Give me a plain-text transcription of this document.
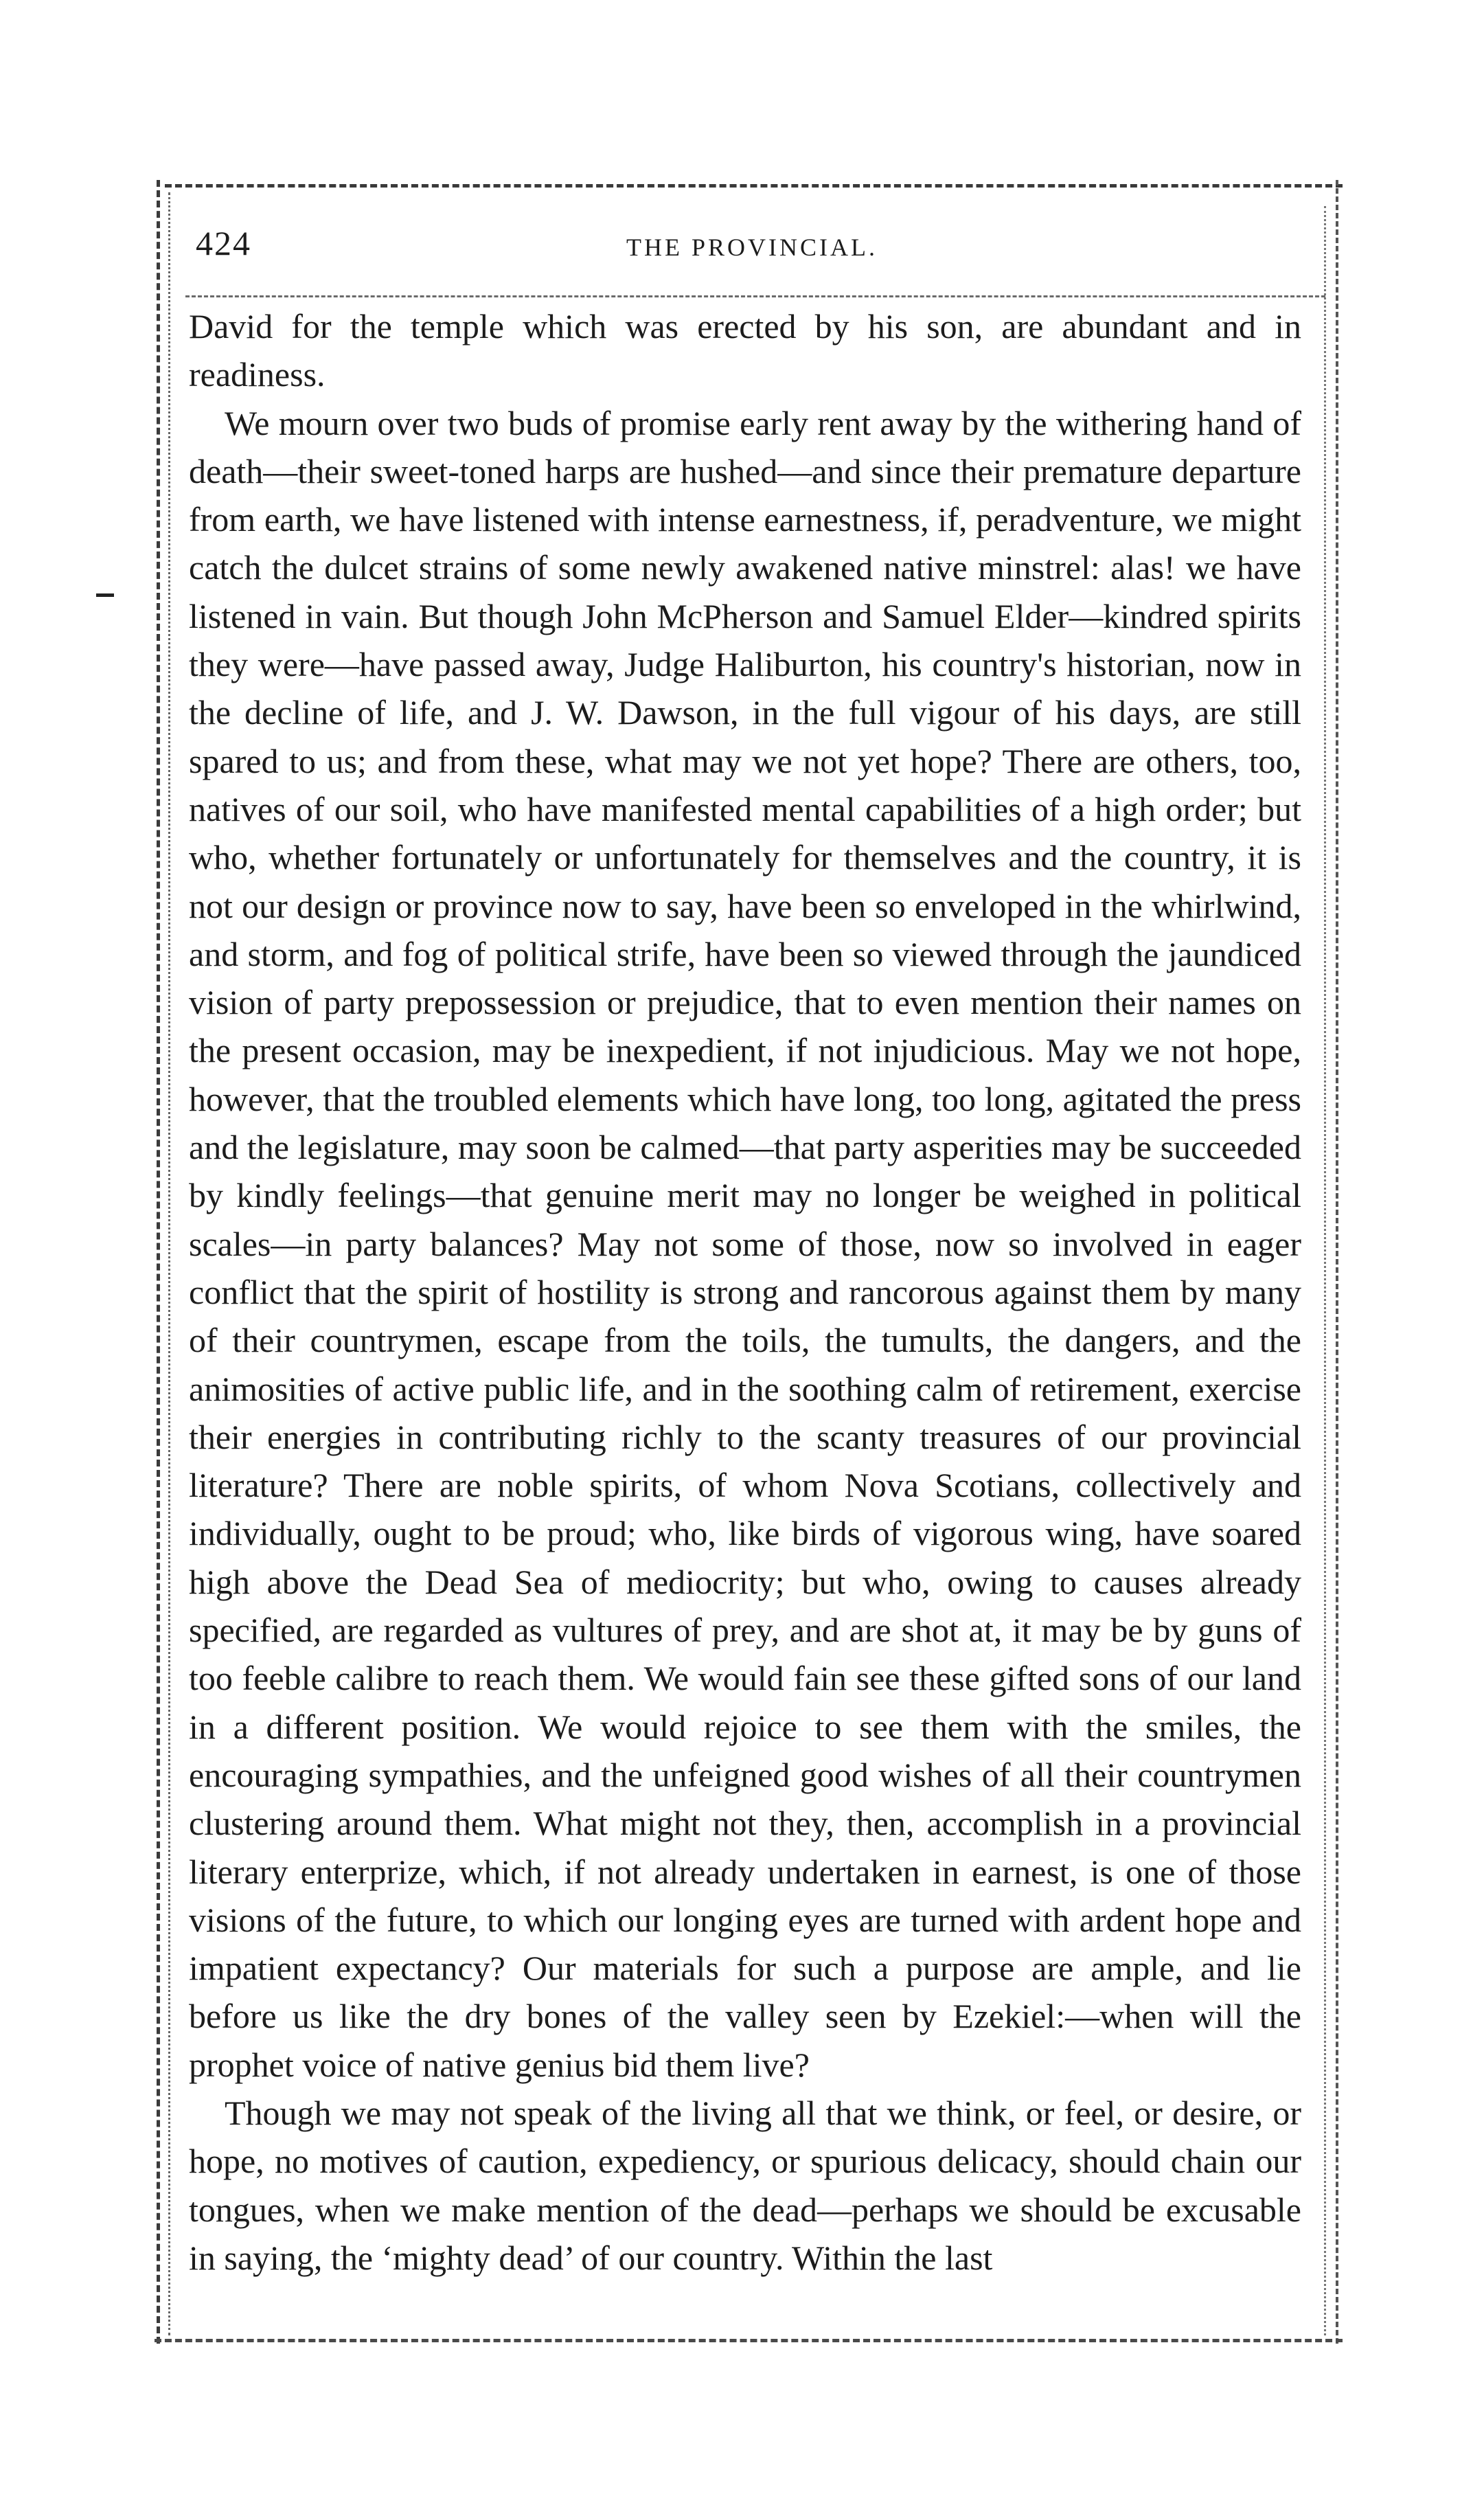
424	THE PROVINCIAL.

David for the temple which was erected by his son, are abundant and in readiness.

We mourn over two buds of promise early rent away by the withering hand of death—their sweet-toned harps are hushed—and since their premature departure from earth, we have listened with intense earnestness, if, peradventure, we might catch the dulcet strains of some newly awakened native minstrel: alas! we have listened in vain. But though John McPherson and Samuel Elder—kindred spirits they were—have passed away, Judge Haliburton, his country's historian, now in the decline of life, and J. W. Dawson, in the full vigour of his days, are still spared to us; and from these, what may we not yet hope? There are others, too, natives of our soil, who have manifested mental capabilities of a high order; but who, whether fortunately or unfortunately for themselves and the country, it is not our design or province now to say, have been so enveloped in the whirlwind, and storm, and fog of political strife, have been so viewed through the jaundiced vision of party prepossession or prejudice, that to even mention their names on the present occasion, may be inexpedient, if not injudicious. May we not hope, however, that the troubled elements which have long, too long, agitated the press and the legislature, may soon be calmed—that party asperities may be succeeded by kindly feelings—that genuine merit may no longer be weighed in political scales—in party balances? May not some of those, now so involved in eager conflict that the spirit of hostility is strong and rancorous against them by many of their countrymen, escape from the toils, the tumults, the dangers, and the animosities of active public life, and in the soothing calm of retirement, exercise their energies in contributing richly to the scanty treasures of our provincial literature? There are noble spirits, of whom Nova Scotians, collectively and individually, ought to be proud; who, like birds of vigorous wing, have soared high above the Dead Sea of mediocrity; but who, owing to causes already specified, are regarded as vultures of prey, and are shot at, it may be by guns of too feeble calibre to reach them. We would fain see these gifted sons of our land in a different position. We would rejoice to see them with the smiles, the encouraging sympathies, and the unfeigned good wishes of all their countrymen clustering around them. What might not they, then, accomplish in a provincial literary enterprize, which, if not already undertaken in earnest, is one of those visions of the future, to which our longing eyes are turned with ardent hope and impatient expectancy? Our materials for such a purpose are ample, and lie before us like the dry bones of the valley seen by Ezekiel:—when will the prophet voice of native genius bid them live?

Though we may not speak of the living all that we think, or feel, or desire, or hope, no motives of caution, expediency, or spurious delicacy, should chain our tongues, when we make mention of the dead—perhaps we should be excusable in saying, the ‘mighty dead’ of our country. Within the last
